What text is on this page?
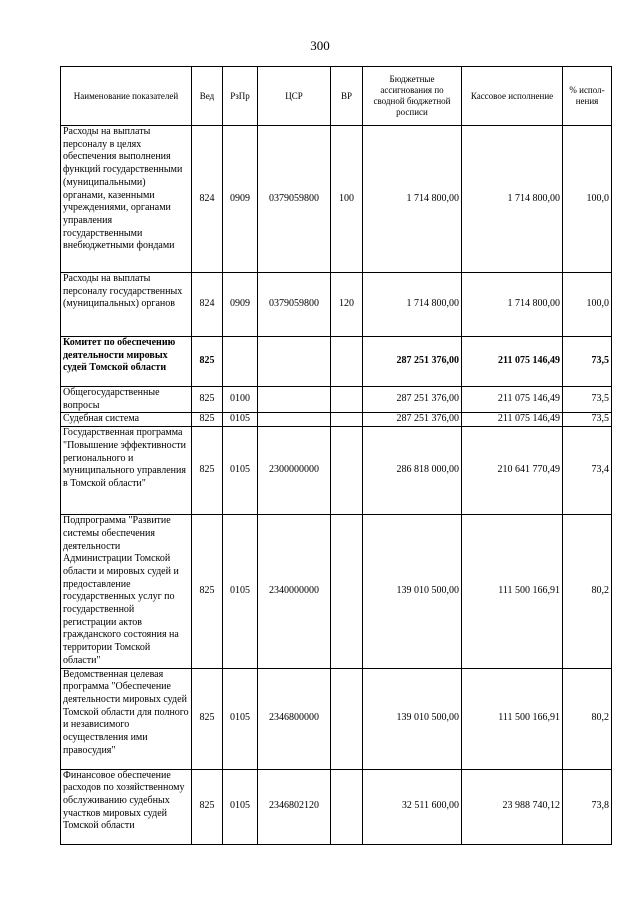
300
Наименование показателей	Вед	РзПр	ЦСР	ВР	Бюджетные ассигнования по сводной бюджетной росписи	Кассовое исполнение	% испол-нения
Расходы на выплаты персоналу в целях обеспечения выполнения функций государственными (муниципальными) органами, казенными учреждениями, органами управления государственными внебюджетными фондами	824	0909	0379059800	100	1 714 800,00	1 714 800,00	100,0
Расходы на выплаты персоналу государственных (муниципальных) органов	824	0909	0379059800	120	1 714 800,00	1 714 800,00	100,0
Комитет по обеспечению деятельности мировых судей Томской области	825				287 251 376,00	211 075 146,49	73,5
Общегосударственные вопросы	825	0100			287 251 376,00	211 075 146,49	73,5
Судебная система	825	0105			287 251 376,00	211 075 146,49	73,5
Государственная программа "Повышение эффективности регионального и муниципального управления в Томской области"	825	0105	2300000000		286 818 000,00	210 641 770,49	73,4
Подпрограмма "Развитие системы обеспечения деятельности Администрации Томской области и мировых судей и предоставление государственных услуг по государственной регистрации актов гражданского состояния на территории Томской области"	825	0105	2340000000		139 010 500,00	111 500 166,91	80,2
Ведомственная целевая программа "Обеспечение деятельности мировых судей Томской области для полного и независимого осуществления ими правосудия"	825	0105	2346800000		139 010 500,00	111 500 166,91	80,2
Финансовое обеспечение расходов по хозяйственному обслуживанию судебных участков мировых судей Томской области	825	0105	2346802120		32 511 600,00	23 988 740,12	73,8
